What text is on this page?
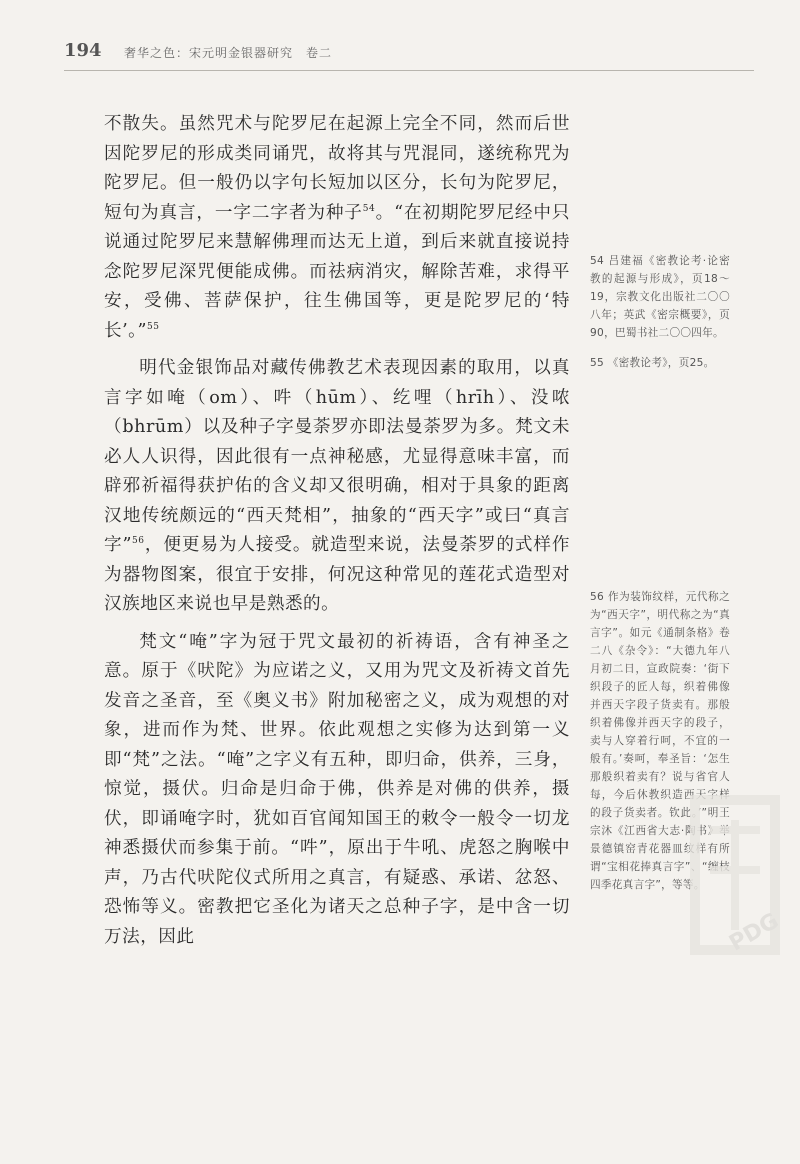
194 奢华之色：宋元明金银器研究　卷二

不散失。虽然咒术与陀罗尼在起源上完全不同，然而后世因陀罗尼的形成类同诵咒，故将其与咒混同，遂统称咒为陀罗尼。但一般仍以字句长短加以区分，长句为陀罗尼，短句为真言，一字二字者为种子$^{54}$。“在初期陀罗尼经中只说通过陀罗尼来慧解佛理而达无上道，到后来就直接说持念陀罗尼深咒便能成佛。而祛病消灾，解除苦难，求得平安，受佛、菩萨保护，往生佛国等，更是陀罗尼的‘特长’。”$^{55}$

明代金银饰品对藏传佛教艺术表现因素的取用，以真言字如唵（om）、吽（hūm）、纥哩（hrīh）、没哝（bhrūm）以及种子字曼荼罗亦即法曼荼罗为多。梵文未必人人识得，因此很有一点神秘感，尤显得意味丰富，而辟邪祈福得获护佑的含义却又很明确，相对于具象的距离汉地传统颇远的“西天梵相”，抽象的“西天字”或曰“真言字”$^{56}$，便更易为人接受。就造型来说，法曼荼罗的式样作为器物图案，很宜于安排，何况这种常见的莲花式造型对汉族地区来说也早是熟悉的。

梵文“唵”字为冠于咒文最初的祈祷语，含有神圣之意。原于《吠陀》为应诺之义，又用为咒文及祈祷文首先发音之圣音，至《奥义书》附加秘密之义，成为观想的对象，进而作为梵、世界。依此观想之实修为达到第一义即“梵”之法。“唵”之字义有五种，即归命，供养，三身，惊觉，摄伏。归命是归命于佛，供养是对佛的供养，摄伏，即诵唵字时，犹如百官闻知国王的敕令一般令一切龙神悉摄伏而参集于前。“吽”，原出于牛吼、虎怒之胸喉中声，乃古代吠陀仪式所用之真言，有疑惑、承诺、忿怒、恐怖等义。密教把它圣化为诸天之总种子字，是中含一切万法，因此

54 吕建福《密教论考·论密教的起源与形成》，页18～19，宗教文化出版社二〇〇八年；英武《密宗概要》，页90，巴蜀书社二〇〇四年。

55 《密教论考》，页25。

56 作为装饰纹样，元代称之为“西天字”，明代称之为“真言字”。如元《通制条格》卷二八《杂令》：“大德九年八月初二日，宣政院奏：‘街下织段子的匠人每，织着佛像并西天字段子货卖有。那般织着佛像并西天字的段子，卖与人穿着行呵，不宜的一般有。’奏呵，奉圣旨：‘怎生那般织着卖有？说与省官人每，今后休教织造西天字样的段子货卖者。钦此。’”明王宗沐《江西省大志·陶书》举景德镇窑青花器皿纹样有所谓“宝相花捧真言字”、“缠枝四季花真言字”，等等。

PDG
